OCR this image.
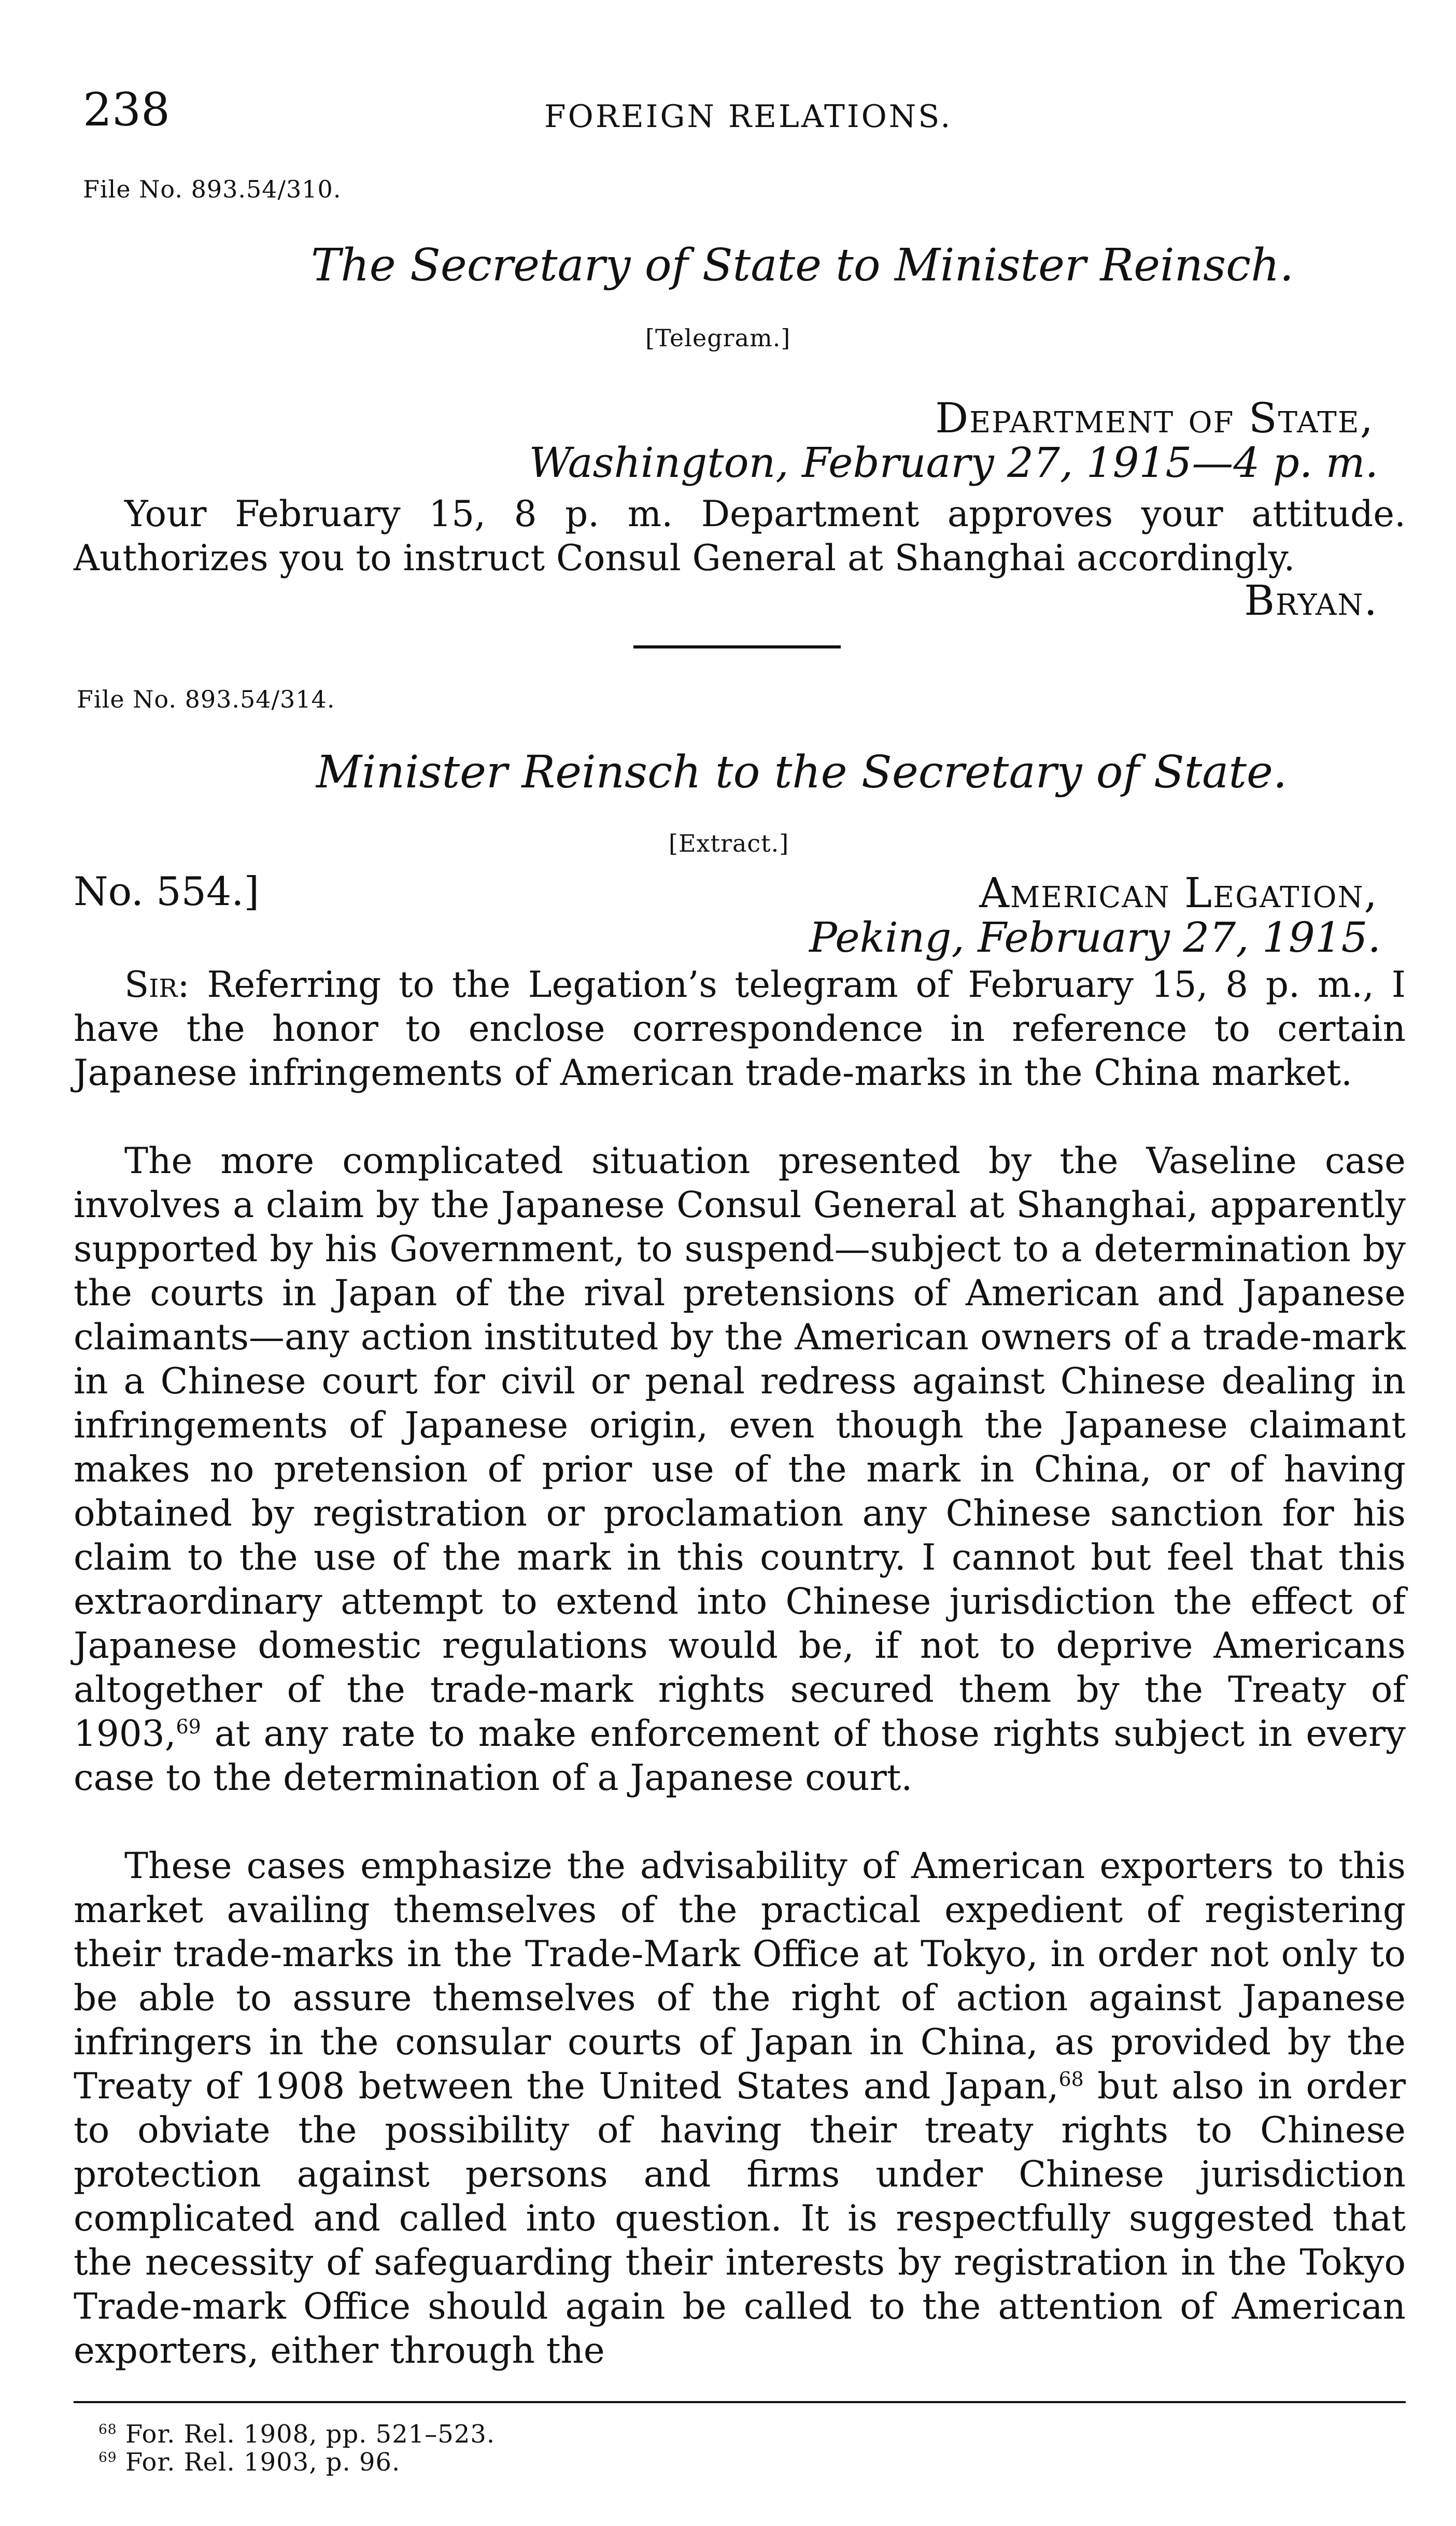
238	FOREIGN RELATIONS.
File No. 893.54/310.
The Secretary of State to Minister Reinsch.
[Telegram.]
Department of State,
Washington, February 27, 1915—4 p. m.

Your February 15, 8 p. m. Department approves your attitude. Authorizes you to instruct Consul General at Shanghai accordingly.

Bryan.
File No. 893.54/314.
Minister Reinsch to the Secretary of State.
[Extract.]
No. 554.]	American Legation,
Peking, February 27, 1915.

Sir: Referring to the Legation’s telegram of February 15, 8 p. m., I have the honor to enclose correspondence in reference to certain Japanese infringements of American trade-marks in the China market.

The more complicated situation presented by the Vaseline case involves a claim by the Japanese Consul General at Shanghai, apparently supported by his Government, to suspend—subject to a determination by the courts in Japan of the rival pretensions of American and Japanese claimants—any action instituted by the American owners of a trade-mark in a Chinese court for civil or penal redress against Chinese dealing in infringements of Japanese origin, even though the Japanese claimant makes no pretension of prior use of the mark in China, or of having obtained by registration or proclamation any Chinese sanction for his claim to the use of the mark in this country. I cannot but feel that this extraordinary attempt to extend into Chinese jurisdiction the effect of Japanese domestic regulations would be, if not to deprive Americans altogether of the trade-mark rights secured them by the Treaty of 1903,69 at any rate to make enforcement of those rights subject in every case to the determination of a Japanese court.

These cases emphasize the advisability of American exporters to this market availing themselves of the practical expedient of registering their trade-marks in the Trade-Mark Office at Tokyo, in order not only to be able to assure themselves of the right of action against Japanese infringers in the consular courts of Japan in China, as provided by the Treaty of 1908 between the United States and Japan,$^{68}$ but also in order to obviate the possibility of having their treaty rights to Chinese protection against persons and firms under Chinese jurisdiction complicated and called into question. It is respectfully suggested that the necessity of safeguarding their interests by registration in the Tokyo Trade-mark Office should again be called to the attention of American exporters, either through the

$^{68}$ For. Rel. 1908, pp. 521–523.
$^{69}$ For. Rel. 1903, p. 96.
